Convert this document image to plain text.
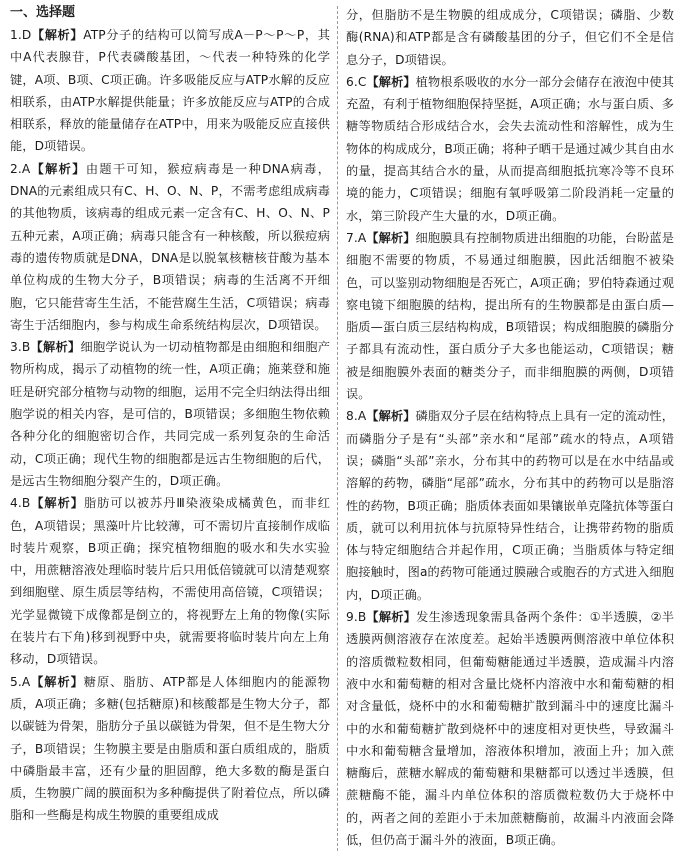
一、选择题

1.D【解析】ATP分子的结构可以简写成A－P～P～P，其中A代表腺苷，P代表磷酸基团，～代表一种特殊的化学键，A项、B项、C项正确。许多吸能反应与ATP水解的反应相联系，由ATP水解提供能量；许多放能反应与ATP的合成相联系，释放的能量储存在ATP中，用来为吸能反应直接供能，D项错误。

2.A【解析】由题干可知，猴痘病毒是一种DNA病毒，DNA的元素组成只有C、H、O、N、P，不需考虑组成病毒的其他物质，该病毒的组成元素一定含有C、H、O、N、P五种元素，A项正确；病毒只能含有一种核酸，所以猴痘病毒的遗传物质就是DNA，DNA是以脱氧核糖核苷酸为基本单位构成的生物大分子，B项错误；病毒的生活离不开细胞，它只能营寄生生活，不能营腐生生活，C项错误；病毒寄生于活细胞内，参与构成生命系统结构层次，D项错误。

3.B【解析】细胞学说认为一切动植物都是由细胞和细胞产物所构成，揭示了动植物的统一性，A项正确；施莱登和施旺是研究部分植物与动物的细胞，运用不完全归纳法得出细胞学说的相关内容，是可信的，B项错误；多细胞生物依赖各种分化的细胞密切合作，共同完成一系列复杂的生命活动，C项正确；现代生物的细胞都是远古生物细胞的后代，是远古生物细胞分裂产生的，D项正确。

4.B【解析】脂肪可以被苏丹Ⅲ染液染成橘黄色，而非红色，A项错误；黑藻叶片比较薄，可不需切片直接制作成临时装片观察，B项正确；探究植物细胞的吸水和失水实验中，用蔗糖溶液处理临时装片后只用低倍镜就可以清楚观察到细胞壁、原生质层等结构，不需使用高倍镜，C项错误；光学显微镜下成像都是倒立的，将视野左上角的物像(实际在装片右下角)移到视野中央，就需要将临时装片向左上角移动，D项错误。

5.A【解析】糖原、脂肪、ATP都是人体细胞内的能源物质，A项正确；多糖(包括糖原)和核酸都是生物大分子，都以碳链为骨架，脂肪分子虽以碳链为骨架，但不是生物大分子，B项错误；生物膜主要是由脂质和蛋白质组成的，脂质中磷脂最丰富，还有少量的胆固醇，绝大多数的酶是蛋白质，生物膜广阔的膜面积为多种酶提供了附着位点，所以磷脂和一些酶是构成生物膜的重要组成成

分，但脂肪不是生物膜的组成成分，C项错误；磷脂、少数酶(RNA)和ATP都是含有磷酸基团的分子，但它们不全是信息分子，D项错误。

6.C【解析】植物根系吸收的水分一部分会储存在液泡中使其充盈，有利于植物细胞保持坚挺，A项正确；水与蛋白质、多糖等物质结合形成结合水，会失去流动性和溶解性，成为生物体的构成成分，B项正确；将种子晒干是通过减少其自由水的量，提高其结合水的量，从而提高细胞抵抗寒冷等不良环境的能力，C项错误；细胞有氧呼吸第二阶段消耗一定量的水，第三阶段产生大量的水，D项正确。

7.A【解析】细胞膜具有控制物质进出细胞的功能，台盼蓝是细胞不需要的物质，不易通过细胞膜，因此活细胞不被染色，可以鉴别动物细胞是否死亡，A项正确；罗伯特森通过观察电镜下细胞膜的结构，提出所有的生物膜都是由蛋白质—脂质—蛋白质三层结构构成，B项错误；构成细胞膜的磷脂分子都具有流动性，蛋白质分子大多也能运动，C项错误；糖被是细胞膜外表面的糖类分子，而非细胞膜的两侧，D项错误。

8.A【解析】磷脂双分子层在结构特点上具有一定的流动性，而磷脂分子是有“头部”亲水和“尾部”疏水的特点，A项错误；磷脂“头部”亲水，分布其中的药物可以是在水中结晶或溶解的药物，磷脂“尾部”疏水，分布其中的药物可以是脂溶性的药物，B项正确；脂质体表面如果镶嵌单克隆抗体等蛋白质，就可以利用抗体与抗原特异性结合，让携带药物的脂质体与特定细胞结合并起作用，C项正确；当脂质体与特定细胞接触时，图a的药物可能通过膜融合或胞吞的方式进入细胞内，D项正确。

9.B【解析】发生渗透现象需具备两个条件：①半透膜，②半透膜两侧溶液存在浓度差。起始半透膜两侧溶液中单位体积的溶质微粒数相同，但葡萄糖能通过半透膜，造成漏斗内溶液中水和葡萄糖的相对含量比烧杯内溶液中水和葡萄糖的相对含量低，烧杯中的水和葡萄糖扩散到漏斗中的速度比漏斗中的水和葡萄糖扩散到烧杯中的速度相对更快些，导致漏斗中水和葡萄糖含量增加，溶液体积增加，液面上升；加入蔗糖酶后，蔗糖水解成的葡萄糖和果糖都可以透过半透膜，但蔗糖酶不能，漏斗内单位体积的溶质微粒数仍大于烧杯中的，两者之间的差距小于未加蔗糖酶前，故漏斗内液面会降低，但仍高于漏斗外的液面，B项正确。
